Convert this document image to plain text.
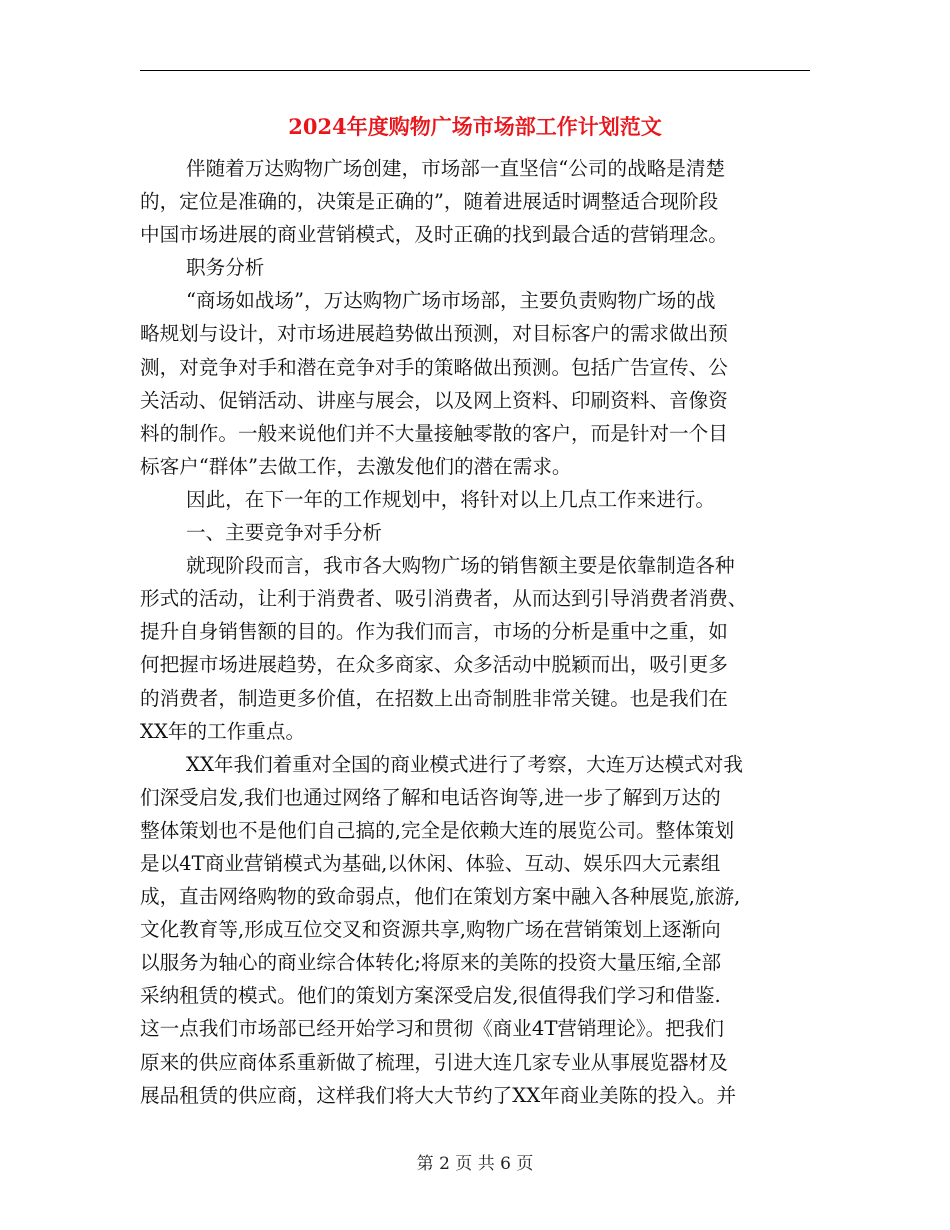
2024年度购物广场市场部工作计划范文
伴随着万达购物广场创建，市场部一直坚信“公司的战略是清楚
的，定位是准确的，决策是正确的”，随着进展适时调整适合现阶段
中国市场进展的商业营销模式，及时正确的找到最合适的营销理念。
职务分析
“商场如战场”，万达购物广场市场部，主要负责购物广场的战
略规划与设计，对市场进展趋势做出预测，对目标客户的需求做出预
测，对竞争对手和潜在竞争对手的策略做出预测。包括广告宣传、公
关活动、促销活动、讲座与展会，以及网上资料、印刷资料、音像资
料的制作。一般来说他们并不大量接触零散的客户，而是针对一个目
标客户“群体”去做工作，去激发他们的潜在需求。
因此，在下一年的工作规划中，将针对以上几点工作来进行。
一、主要竞争对手分析
就现阶段而言，我市各大购物广场的销售额主要是依靠制造各种
形式的活动，让利于消费者、吸引消费者，从而达到引导消费者消费、
提升自身销售额的目的。作为我们而言，市场的分析是重中之重，如
何把握市场进展趋势，在众多商家、众多活动中脱颖而出，吸引更多
的消费者，制造更多价值，在招数上出奇制胜非常关键。也是我们在
XX年的工作重点。
XX年我们着重对全国的商业模式进行了考察，大连万达模式对我
们深受启发,我们也通过网络了解和电话咨询等,进一步了解到万达的
整体策划也不是他们自己搞的,完全是依赖大连的展览公司。整体策划
是以4T商业营销模式为基础,以休闲、体验、互动、娱乐四大元素组
成，直击网络购物的致命弱点，他们在策划方案中融入各种展览,旅游,
文化教育等,形成互位交叉和资源共享,购物广场在营销策划上逐渐向
以服务为轴心的商业综合体转化;将原来的美陈的投资大量压缩,全部
采纳租赁的模式。他们的策划方案深受启发,很值得我们学习和借鉴.
这一点我们市场部已经开始学习和贯彻《商业4T营销理论》。把我们
原来的供应商体系重新做了梳理，引进大连几家专业从事展览器材及
展品租赁的供应商，这样我们将大大节约了XX年商业美陈的投入。并
第 2 页 共 6 页
